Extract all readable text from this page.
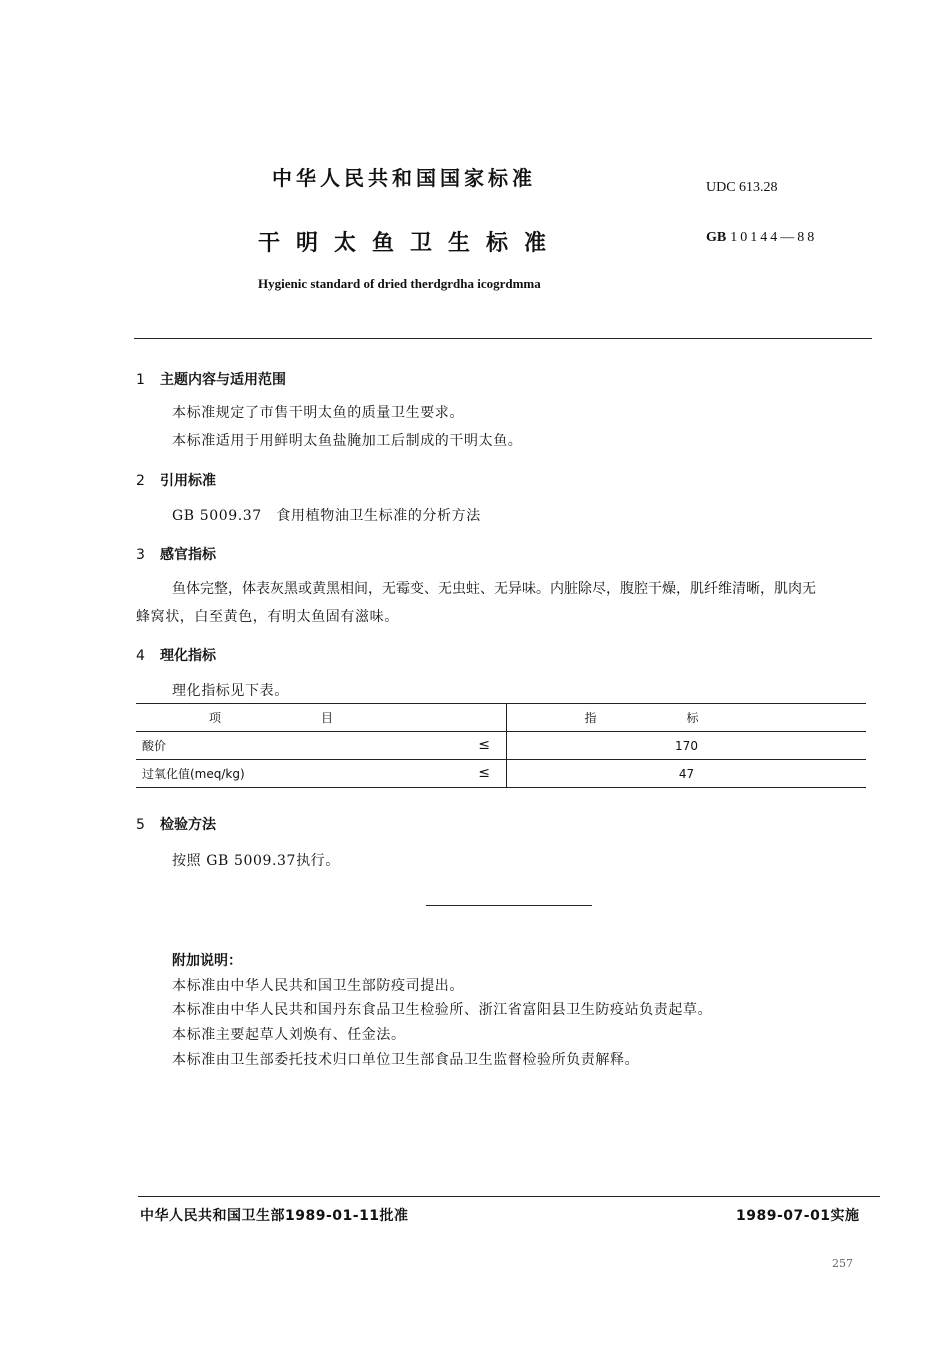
中华人民共和国国家标准	UDC 613.28
干明太鱼卫生标准	GB 10144—88
Hygienic standard of dried therdgrdha icogrdmma
1 主题内容与适用范围
本标准规定了市售干明太鱼的质量卫生要求。
本标准适用于用鲜明太鱼盐腌加工后制成的干明太鱼。
2 引用标准
GB 5009.37　食用植物油卫生标准的分析方法
3 感官指标
鱼体完整，体表灰黑或黄黑相间，无霉变、无虫蛀、无异味。内脏除尽，腹腔干燥，肌纤维清晰，肌肉无
蜂窝状，白至黄色，有明太鱼固有滋味。
4 理化指标
理化指标见下表。
项目	指标
酸价 ≤	170
过氧化值(meq/kg) ≤	47
5 检验方法
按照 GB 5009.37执行。
附加说明：
本标准由中华人民共和国卫生部防疫司提出。
本标准由中华人民共和国丹东食品卫生检验所、浙江省富阳县卫生防疫站负责起草。
本标准主要起草人刘焕有、任金法。
本标准由卫生部委托技术归口单位卫生部食品卫生监督检验所负责解释。
中华人民共和国卫生部1989-01-11批准	1989-07-01实施
257
